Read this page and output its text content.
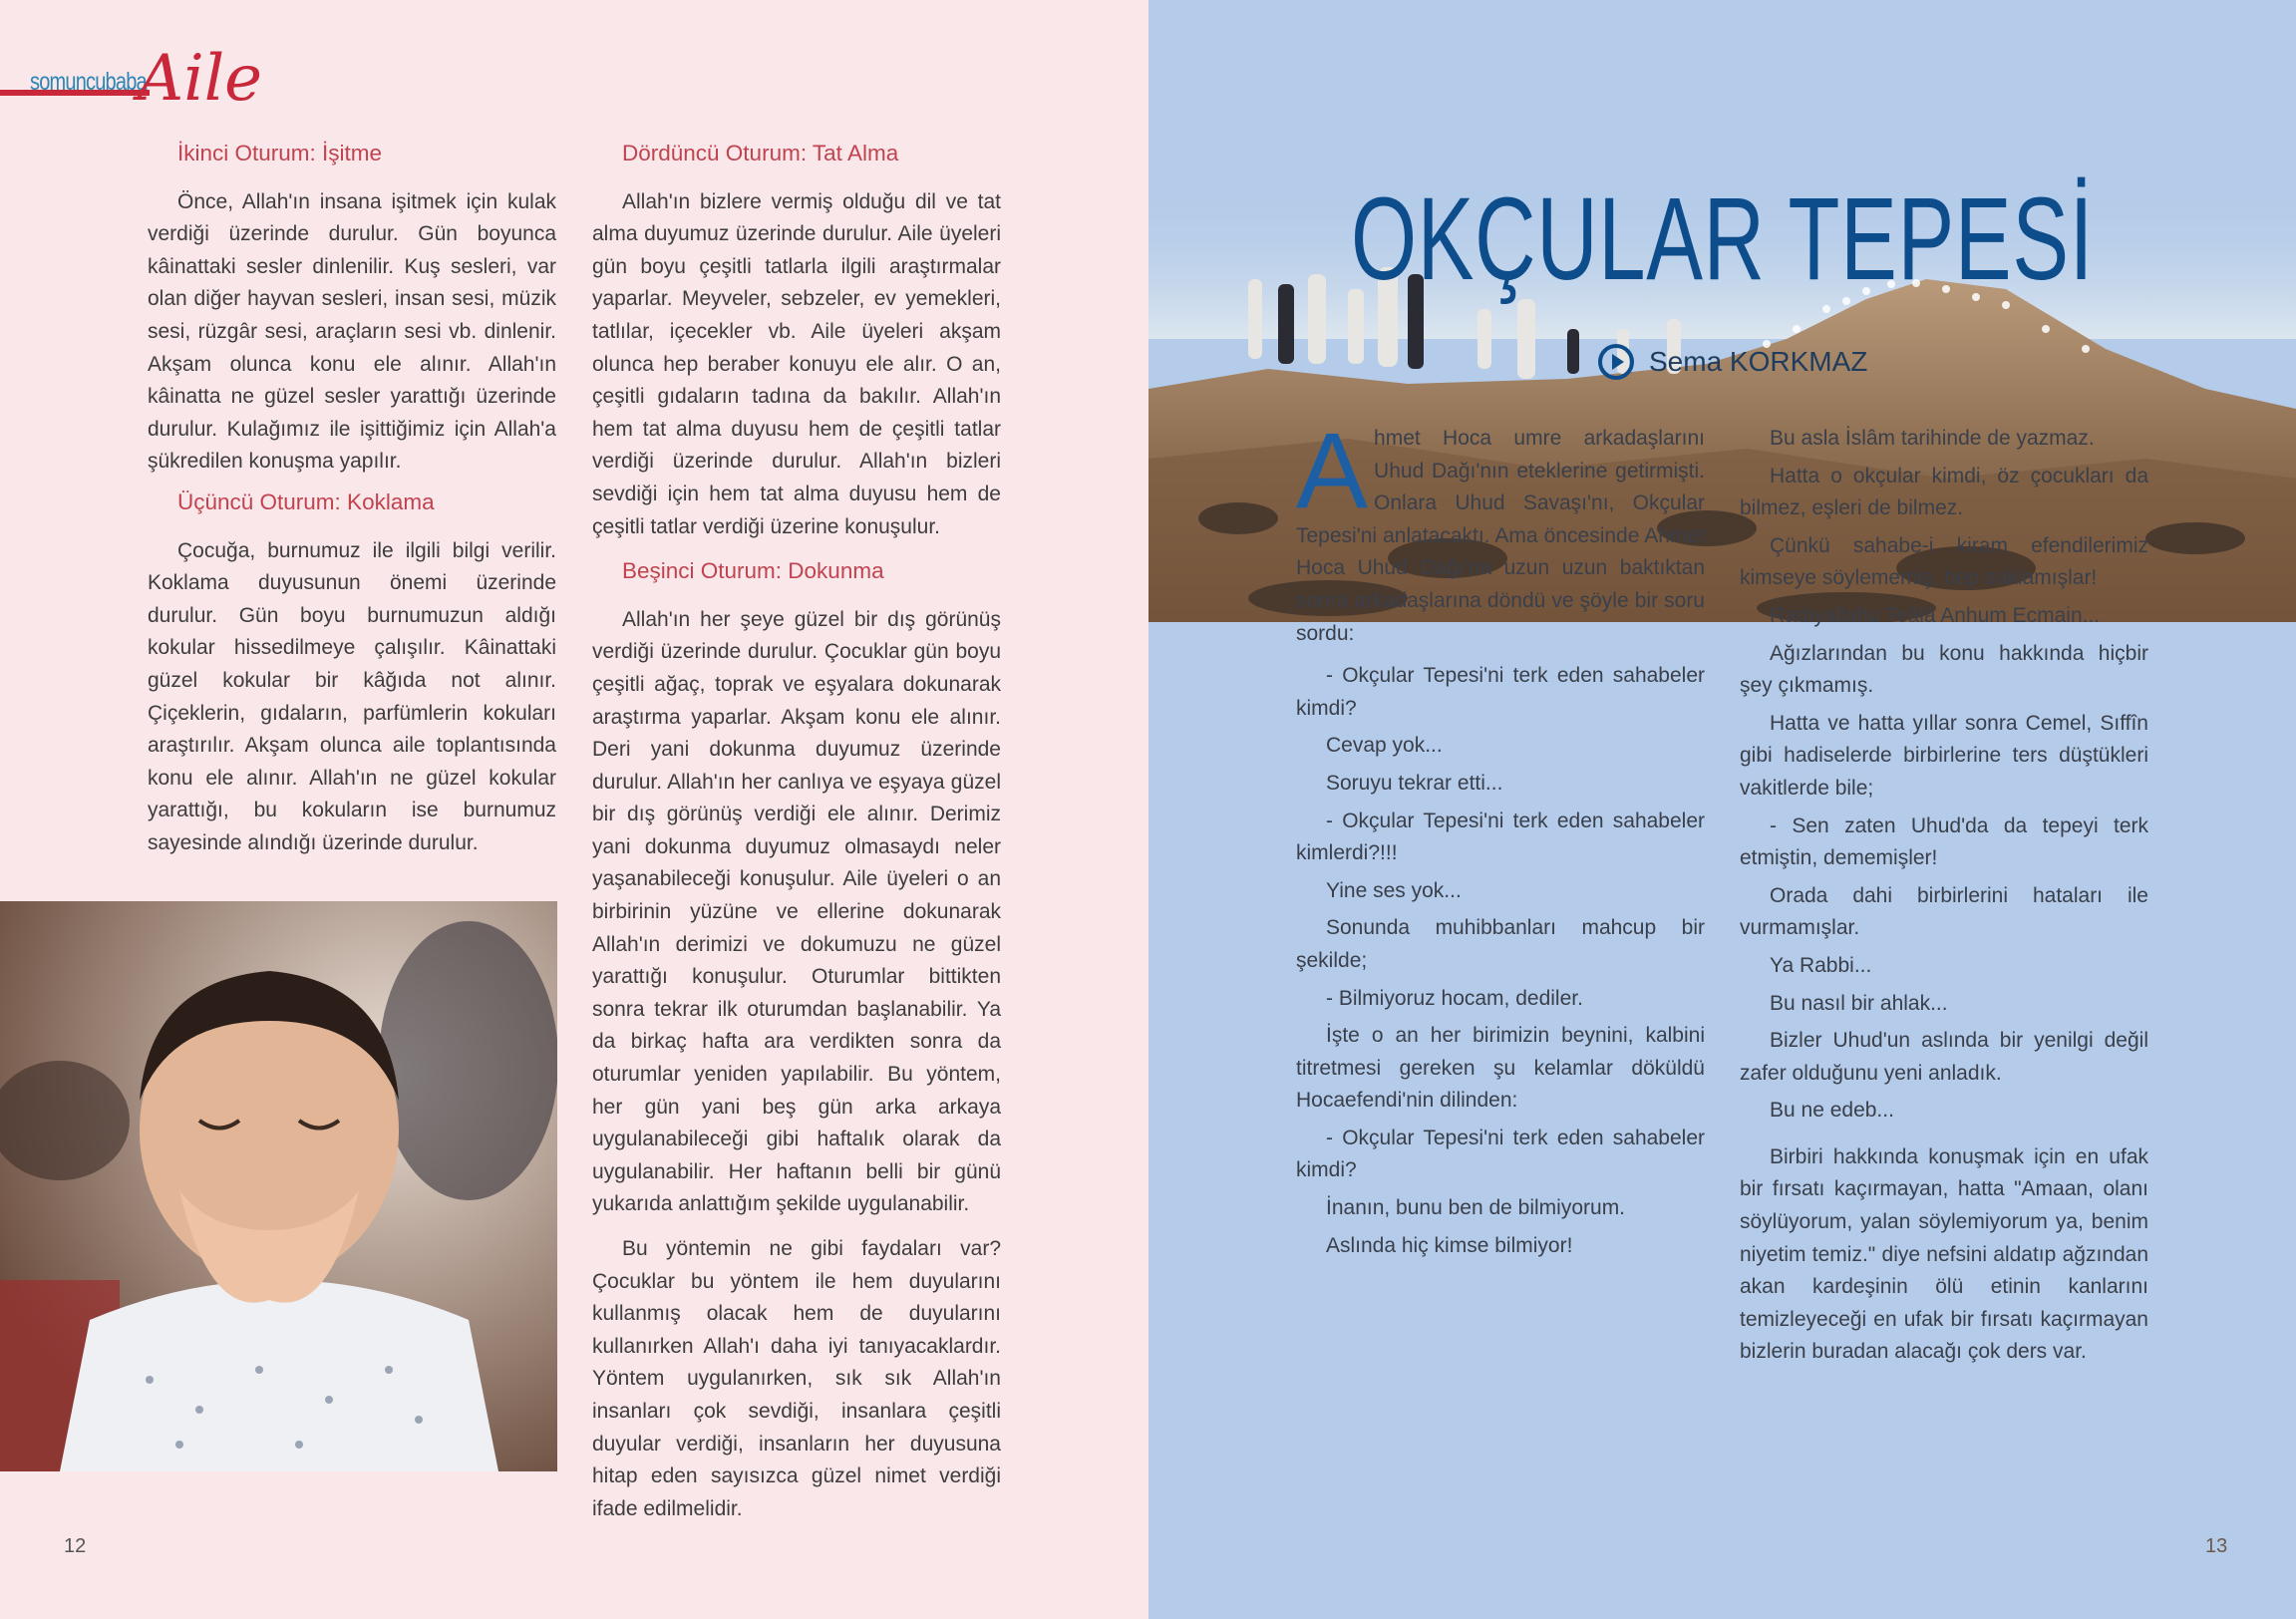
somuncubaba
Aile
İkinci Oturum: İşitme

Önce, Allah'ın insana işitmek için kulak verdiği üzerinde durulur. Gün boyunca kâinattaki sesler dinlenilir. Kuş sesleri, var olan diğer hayvan sesleri, insan sesi, müzik sesi, rüzgâr sesi, araçların sesi vb. dinlenir. Akşam olunca konu ele alınır. Allah'ın kâinatta ne güzel sesler yarattığı üzerinde durulur. Kulağımız ile işittiğimiz için Allah'a şükredilen konuşma yapılır.

Üçüncü Oturum: Koklama

Çocuğa, burnumuz ile ilgili bilgi verilir. Koklama duyusunun önemi üzerinde durulur. Gün boyu burnumuzun aldığı kokular hissedilmeye çalışılır. Kâinattaki güzel kokular bir kâğıda not alınır. Çiçeklerin, gıdaların, parfümlerin kokuları araştırılır. Akşam olunca aile toplantısında konu ele alınır. Allah'ın ne güzel kokular yarattığı, bu kokuların ise burnumuz sayesinde alındığı üzerinde durulur.

Dördüncü Oturum: Tat Alma

Allah'ın bizlere vermiş olduğu dil ve tat alma duyumuz üzerinde durulur. Aile üyeleri gün boyu çeşitli tatlarla ilgili araştırmalar yaparlar. Meyveler, sebzeler, ev yemekleri, tatlılar, içecekler vb. Aile üyeleri akşam olunca hep beraber konuyu ele alır. O an, çeşitli gıdaların tadına da bakılır. Allah'ın hem tat alma duyusu hem de çeşitli tatlar verdiği üzerinde durulur. Allah'ın bizleri sevdiği için hem tat alma duyusu hem de çeşitli tatlar verdiği üzerine konuşulur.

Beşinci Oturum: Dokunma

Allah'ın her şeye güzel bir dış görünüş verdiği üzerinde durulur. Çocuklar gün boyu çeşitli ağaç, toprak ve eşyalara dokunarak araştırma yaparlar. Akşam konu ele alınır. Deri yani dokunma duyumuz üzerinde durulur. Allah'ın her canlıya ve eşyaya güzel bir dış görünüş verdiği ele alınır. Derimiz yani dokunma duyumuz olmasaydı neler yaşanabileceği konuşulur. Aile üyeleri o an birbirinin yüzüne ve ellerine dokunarak Allah'ın derimizi ve dokumuzu ne güzel yarattığı konuşulur. Oturumlar bittikten sonra tekrar ilk oturumdan başlanabilir. Ya da birkaç hafta ara verdikten sonra da oturumlar yeniden yapılabilir. Bu yöntem, her gün yani beş gün arka arkaya uygulanabileceği gibi haftalık olarak da uygulanabilir. Her haftanın belli bir günü yukarıda anlattığım şekilde uygulanabilir.

Bu yöntemin ne gibi faydaları var? Çocuklar bu yöntem ile hem duyularını kullanmış olacak hem de duyularını kullanırken Allah'ı daha iyi tanıyacaklardır. Yöntem uygulanırken, sık sık Allah'ın insanları çok sevdiği, insanlara çeşitli duyular verdiği, insanların her duyusuna hitap eden sayısızca güzel nimet verdiği ifade edilmelidir.

12
OKÇULAR TEPESİ
Sema KORKMAZ

Ahmet Hoca umre arkadaşlarını Uhud Dağı'nın eteklerine getirmişti. Onlara Uhud Savaşı'nı, Okçular Tepesi'ni anlatacaktı. Ama öncesinde Ahmet Hoca Uhud Dağı'na uzun uzun baktıktan sonra arkadaşlarına döndü ve şöyle bir soru sordu:

- Okçular Tepesi'ni terk eden sahabeler kimdi?

Cevap yok...

Soruyu tekrar etti...

- Okçular Tepesi'ni terk eden sahabeler kimlerdi?!!!

Yine ses yok...

Sonunda muhibbanları mahcup bir şekilde;

- Bilmiyoruz hocam, dediler.

İşte o an her birimizin beynini, kalbini titretmesi gereken şu kelamlar döküldü Hocaefendi'nin dilinden:

- Okçular Tepesi'ni terk eden sahabeler kimdi?

İnanın, bunu ben de bilmiyorum.

Aslında hiç kimse bilmiyor!

Bu asla İslâm tarihinde de yazmaz.

Hatta o okçular kimdi, öz çocukları da bilmez, eşleri de bilmez.

Çünkü sahabe-i kiram efendilerimiz kimseye söylememiş, hep saklamışlar!

Radıyallahu Teâlâ Anhum Ecmain...

Ağızlarından bu konu hakkında hiçbir şey çıkmamış.

Hatta ve hatta yıllar sonra Cemel, Sıffîn gibi hadiselerde birbirlerine ters düştükleri vakitlerde bile;

- Sen zaten Uhud'da da tepeyi terk etmiştin, dememişler!

Orada dahi birbirlerini hataları ile vurmamışlar.

Ya Rabbi...

Bu nasıl bir ahlak...

Bizler Uhud'un aslında bir yenilgi değil zafer olduğunu yeni anladık.

Bu ne edeb...

Birbiri hakkında konuşmak için en ufak bir fırsatı kaçırmayan, hatta "Amaan, olanı söylüyorum, yalan söylemiyorum ya, benim niyetim temiz." diye nefsini aldatıp ağzından akan kardeşinin ölü etinin kanlarını temizleyeceği en ufak bir fırsatı kaçırmayan bizlerin buradan alacağı çok ders var.

13
